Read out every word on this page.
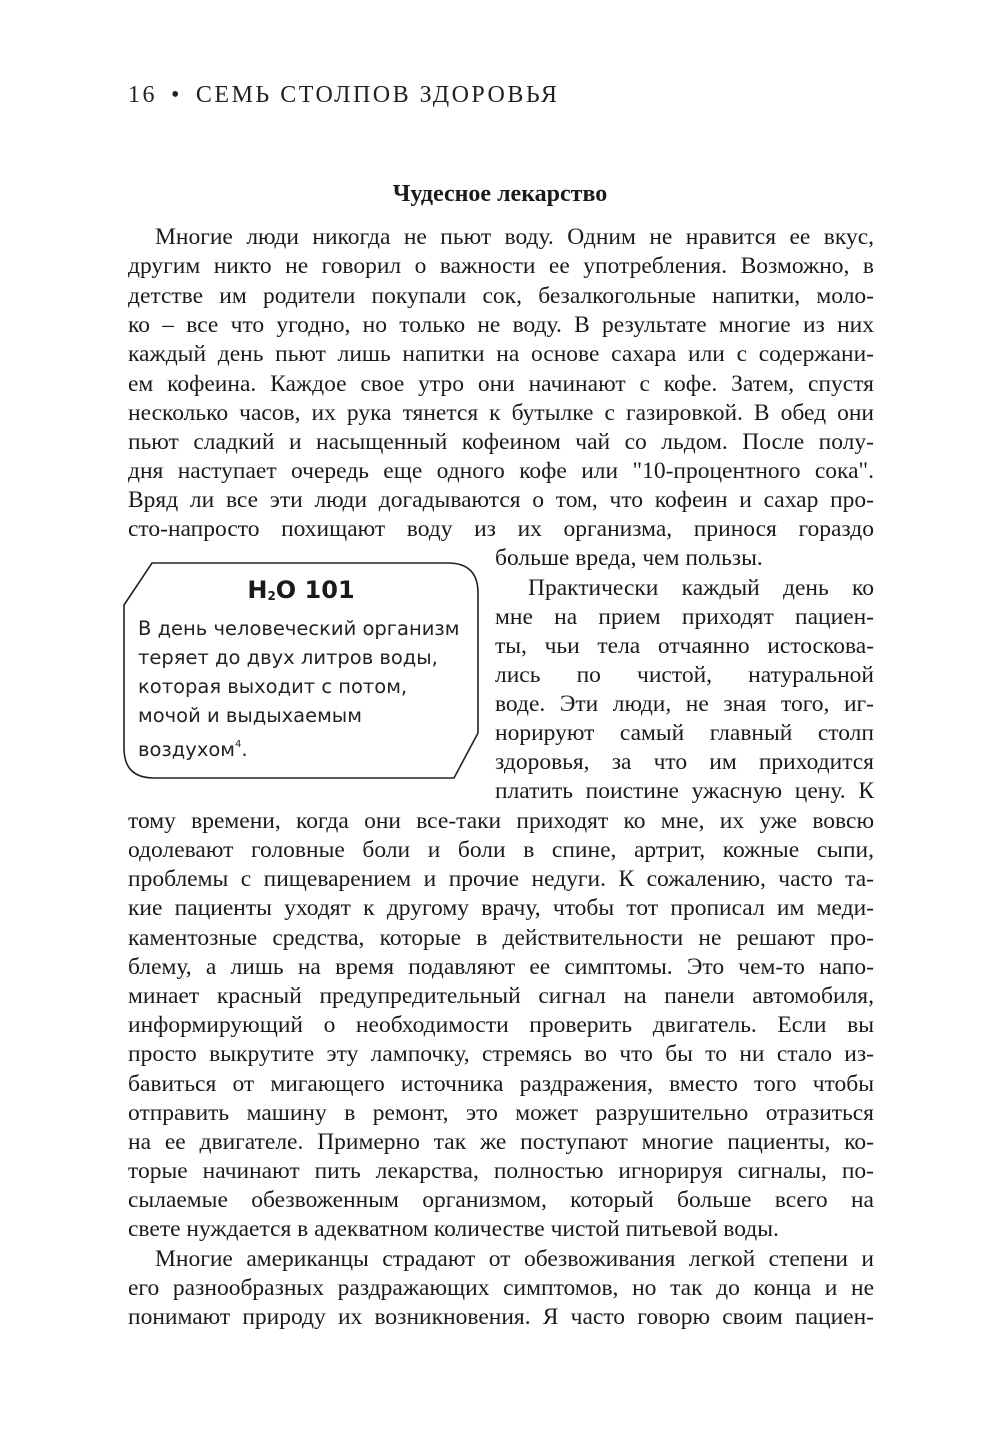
16 • СЕМЬ СТОЛПОВ ЗДОРОВЬЯ
Чудесное лекарство
Многие люди никогда не пьют воду. Одним не нравится ее вкус,
другим никто не говорил о важности ее употребления. Возможно, в
детстве им родители покупали сок, безалкогольные напитки, моло-
ко – все что угодно, но только не воду. В результате многие из них
каждый день пьют лишь напитки на основе сахара или с содержани-
ем кофеина. Каждое свое утро они начинают с кофе. Затем, спустя
несколько часов, их рука тянется к бутылке с газировкой. В обед они
пьют сладкий и насыщенный кофеином чай со льдом. После полу-
дня наступает очередь еще одного кофе или "10-процентного сока".
Вряд ли все эти люди догадываются о том, что кофеин и сахар про-
сто-напросто похищают воду из их организма, принося гораздо
больше вреда, чем пользы.
Практически каждый день ко
мне на прием приходят пациен-
ты, чьи тела отчаянно истоскова-
лись по чистой, натуральной
воде. Эти люди, не зная того, иг-
норируют самый главный столп
здоровья, за что им приходится
платить поистине ужасную цену. К
тому времени, когда они все-таки приходят ко мне, их уже вовсю
одолевают головные боли и боли в спине, артрит, кожные сыпи,
проблемы с пищеварением и прочие недуги. К сожалению, часто та-
кие пациенты уходят к другому врачу, чтобы тот прописал им меди-
каментозные средства, которые в действительности не решают про-
блему, а лишь на время подавляют ее симптомы. Это чем-то напо-
минает красный предупредительный сигнал на панели автомобиля,
информирующий о необходимости проверить двигатель. Если вы
просто выкрутите эту лампочку, стремясь во что бы то ни стало из-
бавиться от мигающего источника раздражения, вместо того чтобы
отправить машину в ремонт, это может разрушительно отразиться
на ее двигателе. Примерно так же поступают многие пациенты, ко-
торые начинают пить лекарства, полностью игнорируя сигналы, по-
сылаемые обезвоженным организмом, который больше всего на
свете нуждается в адекватном количестве чистой питьевой воды.
Многие американцы страдают от обезвоживания легкой степени и
его разнообразных раздражающих симптомов, но так до конца и не
понимают природу их возникновения. Я часто говорю своим пациен-
$H_2O$ 101
В день человеческий организм
теряет до двух литров воды,
которая выходит с потом,
мочой и выдыхаемым
воздухом$^4$.
